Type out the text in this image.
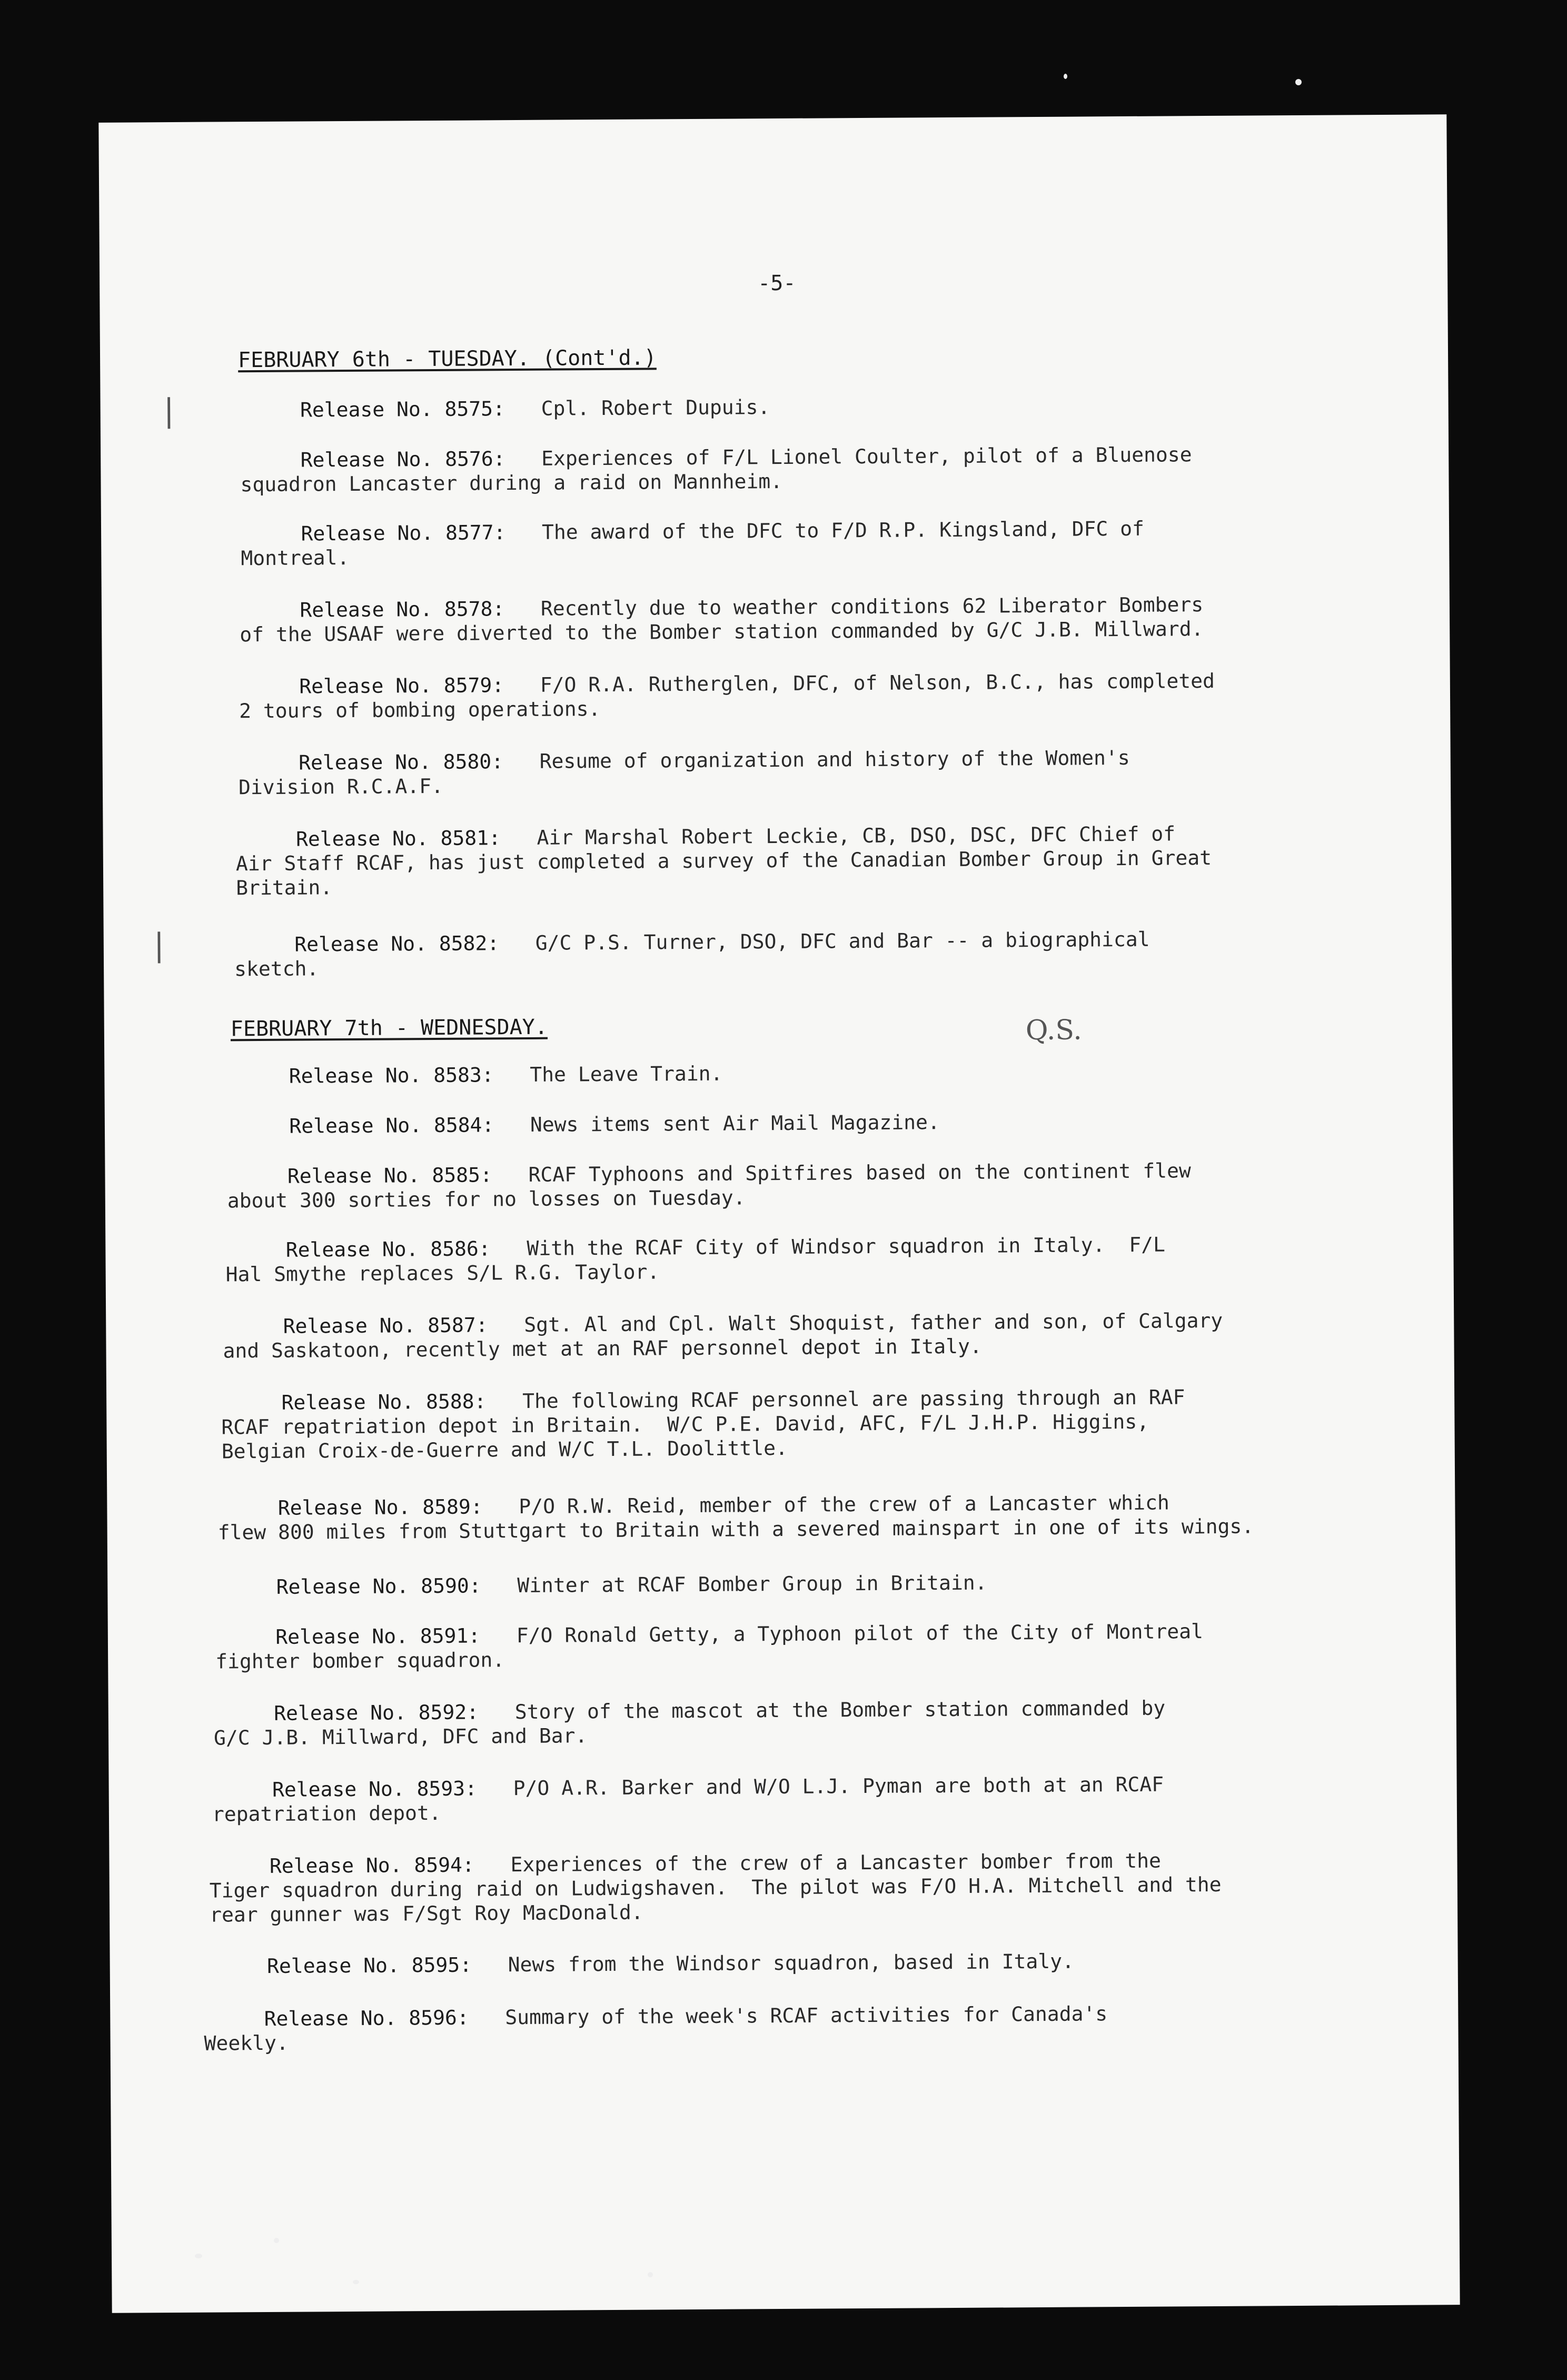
-5-
FEBRUARY 6th - TUESDAY. (Cont'd.)
FEBRUARY 7th - WEDNESDAY.	Q.S.
|
|
Release No. 8575: Cpl. Robert Dupuis.
Release No. 8576: Experiences of F/L Lionel Coulter, pilot of a Bluenose
squadron Lancaster during a raid on Mannheim.
Release No. 8577: The award of the DFC to F/D R.P. Kingsland, DFC of
Montreal.
Release No. 8578: Recently due to weather conditions 62 Liberator Bombers
of the USAAF were diverted to the Bomber station commanded by G/C J.B. Millward.
Release No. 8579: F/O R.A. Rutherglen, DFC, of Nelson, B.C., has completed
2 tours of bombing operations.
Release No. 8580: Resume of organization and history of the Women's
Division R.C.A.F.
Release No. 8581: Air Marshal Robert Leckie, CB, DSO, DSC, DFC Chief of
Air Staff RCAF, has just completed a survey of the Canadian Bomber Group in Great
Britain.
Release No. 8582: G/C P.S. Turner, DSO, DFC and Bar -- a biographical
sketch.
Release No. 8583: The Leave Train.
Release No. 8584: News items sent Air Mail Magazine.
Release No. 8585: RCAF Typhoons and Spitfires based on the continent flew
about 300 sorties for no losses on Tuesday.
Release No. 8586: With the RCAF City of Windsor squadron in Italy.  F/L
Hal Smythe replaces S/L R.G. Taylor.
Release No. 8587: Sgt. Al and Cpl. Walt Shoquist, father and son, of Calgary
and Saskatoon, recently met at an RAF personnel depot in Italy.
Release No. 8588: The following RCAF personnel are passing through an RAF
RCAF repatriation depot in Britain.  W/C P.E. David, AFC, F/L J.H.P. Higgins,
Belgian Croix-de-Guerre and W/C T.L. Doolittle.
Release No. 8589: P/O R.W. Reid, member of the crew of a Lancaster which
flew 800 miles from Stuttgart to Britain with a severed mainspart in one of its wings.
Release No. 8590: Winter at RCAF Bomber Group in Britain.
Release No. 8591: F/O Ronald Getty, a Typhoon pilot of the City of Montreal
fighter bomber squadron.
Release No. 8592: Story of the mascot at the Bomber station commanded by
G/C J.B. Millward, DFC and Bar.
Release No. 8593: P/O A.R. Barker and W/O L.J. Pyman are both at an RCAF
repatriation depot.
Release No. 8594: Experiences of the crew of a Lancaster bomber from the
Tiger squadron during raid on Ludwigshaven.  The pilot was F/O H.A. Mitchell and the
rear gunner was F/Sgt Roy MacDonald.
Release No. 8595: News from the Windsor squadron, based in Italy.
Release No. 8596: Summary of the week's RCAF activities for Canada's
Weekly.
